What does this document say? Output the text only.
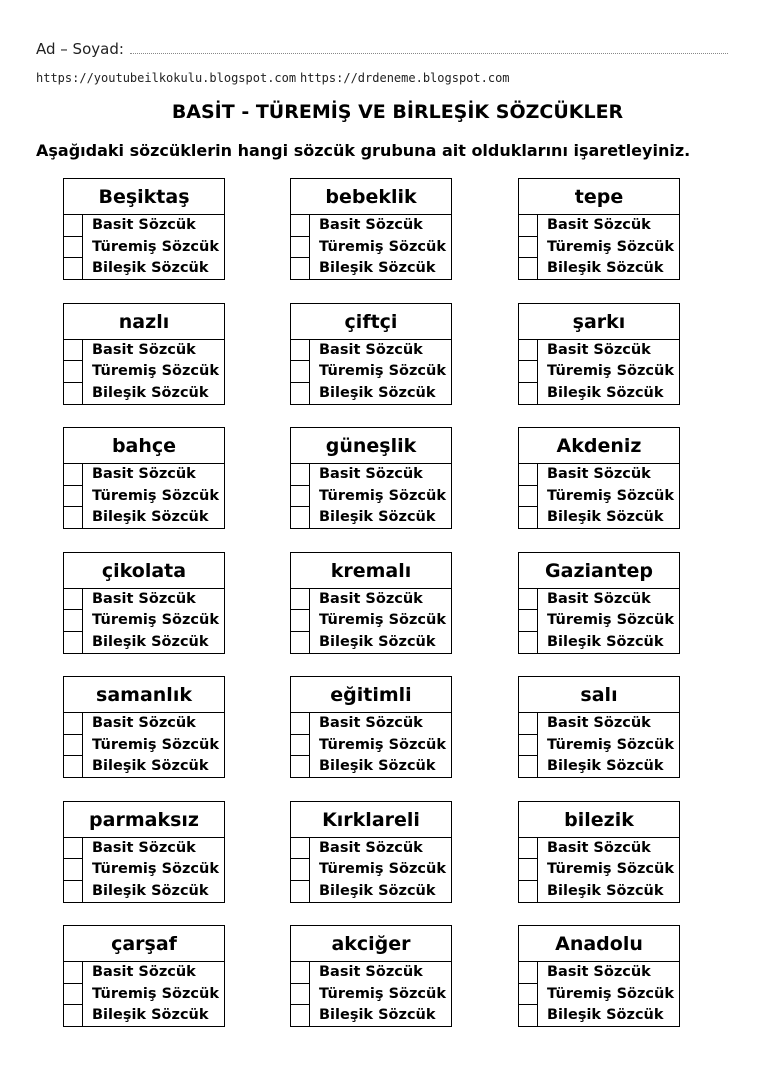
Ad – Soyad:
https://youtubeilkokulu.blogspot.com https://drdeneme.blogspot.com
BASİT - TÜREMİŞ VE BİRLEŞİK SÖZCÜKLER
Aşağıdaki sözcüklerin hangi sözcük grubuna ait olduklarını işaretleyiniz.
Beşiktaş
Basit Sözcük
Türemiş Sözcük
Bileşik Sözcük
bebeklik
Basit Sözcük
Türemiş Sözcük
Bileşik Sözcük
tepe
Basit Sözcük
Türemiş Sözcük
Bileşik Sözcük
nazlı
Basit Sözcük
Türemiş Sözcük
Bileşik Sözcük
çiftçi
Basit Sözcük
Türemiş Sözcük
Bileşik Sözcük
şarkı
Basit Sözcük
Türemiş Sözcük
Bileşik Sözcük
bahçe
Basit Sözcük
Türemiş Sözcük
Bileşik Sözcük
güneşlik
Basit Sözcük
Türemiş Sözcük
Bileşik Sözcük
Akdeniz
Basit Sözcük
Türemiş Sözcük
Bileşik Sözcük
çikolata
Basit Sözcük
Türemiş Sözcük
Bileşik Sözcük
kremalı
Basit Sözcük
Türemiş Sözcük
Bileşik Sözcük
Gaziantep
Basit Sözcük
Türemiş Sözcük
Bileşik Sözcük
samanlık
Basit Sözcük
Türemiş Sözcük
Bileşik Sözcük
eğitimli
Basit Sözcük
Türemiş Sözcük
Bileşik Sözcük
salı
Basit Sözcük
Türemiş Sözcük
Bileşik Sözcük
parmaksız
Basit Sözcük
Türemiş Sözcük
Bileşik Sözcük
Kırklareli
Basit Sözcük
Türemiş Sözcük
Bileşik Sözcük
bilezik
Basit Sözcük
Türemiş Sözcük
Bileşik Sözcük
çarşaf
Basit Sözcük
Türemiş Sözcük
Bileşik Sözcük
akciğer
Basit Sözcük
Türemiş Sözcük
Bileşik Sözcük
Anadolu
Basit Sözcük
Türemiş Sözcük
Bileşik Sözcük
